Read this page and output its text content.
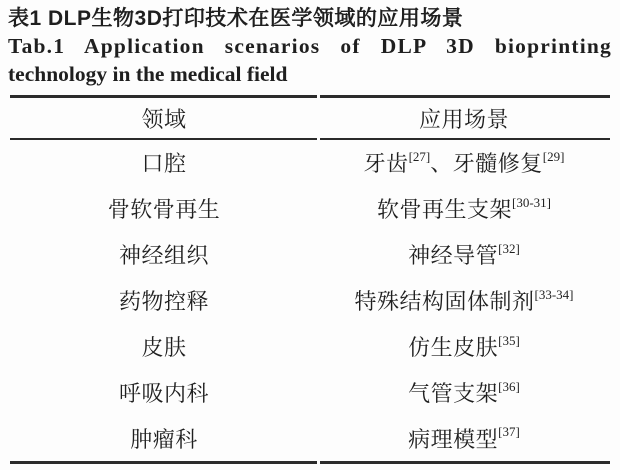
表1 DLP生物3D打印技术在医学领域的应用场景
Tab.1 Application scenarios of DLP 3D bioprinting
technology in the medical field
领域	应用场景
口腔	牙齿[27]、牙髓修复[29]
骨软骨再生	软骨再生支架[30-31]
神经组织	神经导管[32]
药物控释	特殊结构固体制剂[33-34]
皮肤	仿生皮肤[35]
呼吸内科	气管支架[36]
肿瘤科	病理模型[37]
